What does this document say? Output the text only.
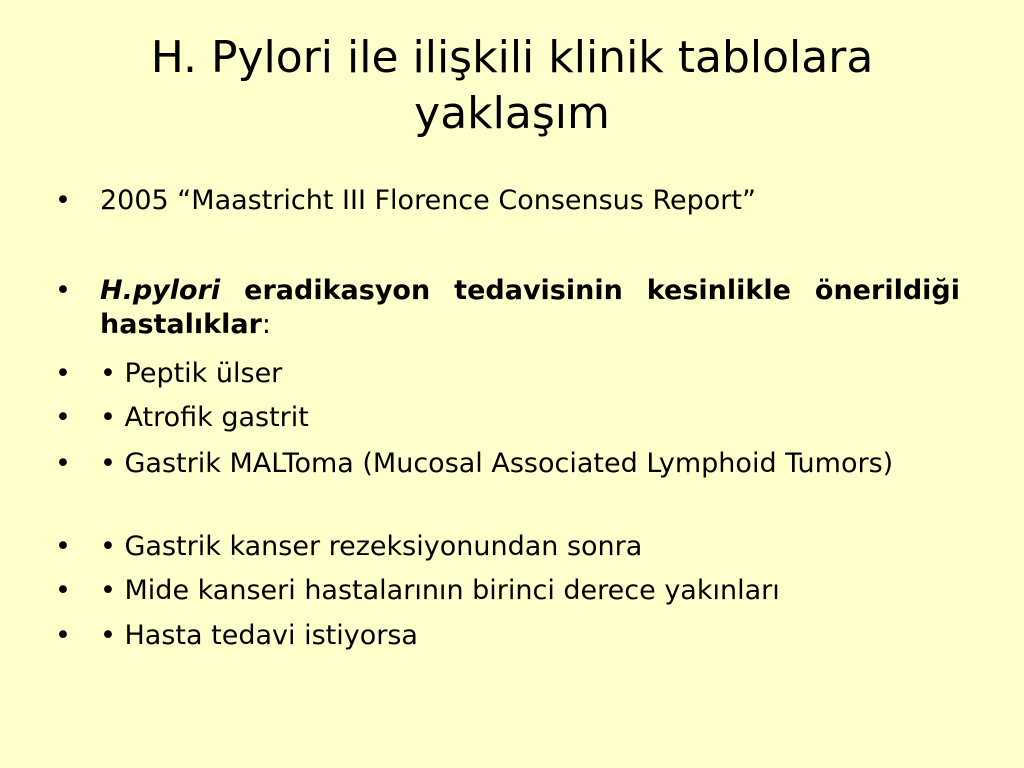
H. Pylori ile ilişkili klinik tablolara
yaklaşım
•	2005 “Maastricht III Florence Consensus Report”
•	H.pylori eradikasyon tedavisinin kesinlikle önerildiği hastalıklar:
•	• Peptik ülser
•	• Atrofik gastrit
•	• Gastrik MALToma (Mucosal Associated Lymphoid Tumors)
•	• Gastrik kanser rezeksiyonundan sonra
•	• Mide kanseri hastalarının birinci derece yakınları
•	• Hasta tedavi istiyorsa
